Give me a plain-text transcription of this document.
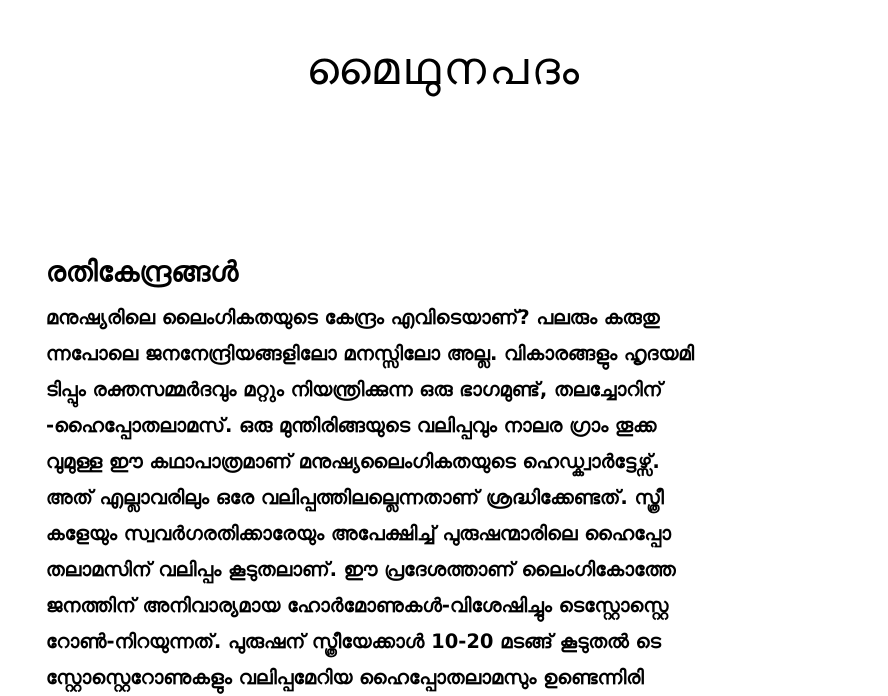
മൈഥുനപദം
രതികേന്ദ്രങ്ങൾ
മനുഷ്യരിലെ ലൈംഗികതയുടെ കേന്ദ്രം എവിടെയാണ്? പലരും കരുതു
ന്നപോലെ ജനനേന്ദ്രിയങ്ങളിലോ മനസ്സിലോ അല്ല. വികാരങ്ങളും ഹൃദയമി
ടിപ്പും രക്തസമ്മർദവും മറ്റും നിയന്ത്രിക്കുന്ന ഒരു ഭാഗമുണ്ട്, തലച്ചോറിന്
-ഹൈപ്പോതലാമസ്. ഒരു മുന്തിരിങ്ങയുടെ വലിപ്പവും നാലര ഗ്രാം തൂക്ക
വുമുള്ള ഈ കഥാപാത്രമാണ് മനുഷ്യലൈംഗികതയുടെ ഹെഡ്ക്വാർട്ടേഴ്സ്.
അത് എല്ലാവരിലും ഒരേ വലിപ്പത്തിലല്ലെന്നതാണ് ശ്രദ്ധിക്കേണ്ടത്. സ്ത്രീ
കളേയും സ്വവർഗരതിക്കാരേയും അപേക്ഷിച്ച് പുരുഷന്മാരിലെ ഹൈപ്പോ
തലാമസിന് വലിപ്പം കൂടുതലാണ്. ഈ പ്രദേശത്താണ് ലൈംഗികോത്തേ
ജനത്തിന് അനിവാര്യമായ ഹോർമോണുകൾ-വിശേഷിച്ചും ടെസ്റ്റോസ്റ്റെ
റോൺ-നിറയുന്നത്. പുരുഷന് സ്ത്രീയേക്കാൾ 10-20 മടങ്ങ് കൂടുതൽ ടെ
സ്റ്റോസ്റ്റെറോണുകളും വലിപ്പമേറിയ ഹൈപ്പോതലാമസും ഉണ്ടെന്നിരി
